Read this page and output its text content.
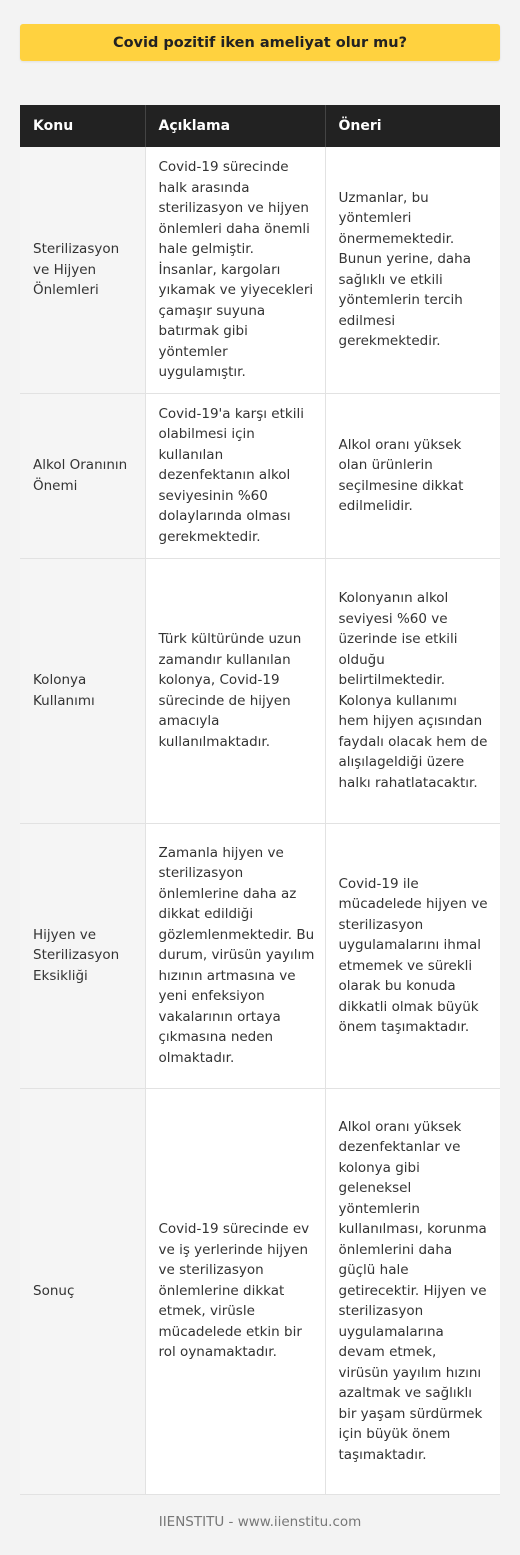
Covid pozitif iken ameliyat olur mu?
Konu	Açıklama	Öneri
Sterilizasyon ve Hijyen Önlemleri	Covid-19 sürecinde halk arasında sterilizasyon ve hijyen önlemleri daha önemli hale gelmiştir. İnsanlar, kargoları yıkamak ve yiyecekleri çamaşır suyuna batırmak gibi yöntemler uygulamıştır.	Uzmanlar, bu yöntemleri önermemektedir. Bunun yerine, daha sağlıklı ve etkili yöntemlerin tercih edilmesi gerekmektedir.
Alkol Oranının Önemi	Covid-19'a karşı etkili olabilmesi için kullanılan dezenfektanın alkol seviyesinin %60 dolaylarında olması gerekmektedir.	Alkol oranı yüksek olan ürünlerin seçilmesine dikkat edilmelidir.
Kolonya Kullanımı	Türk kültüründe uzun zamandır kullanılan kolonya, Covid-19 sürecinde de hijyen amacıyla kullanılmaktadır.	Kolonyanın alkol seviyesi %60 ve üzerinde ise etkili olduğu belirtilmektedir. Kolonya kullanımı hem hijyen açısından faydalı olacak hem de alışılageldiği üzere halkı rahatlatacaktır.
Hijyen ve Sterilizasyon Eksikliği	Zamanla hijyen ve sterilizasyon önlemlerine daha az dikkat edildiği gözlemlenmektedir. Bu durum, virüsün yayılım hızının artmasına ve yeni enfeksiyon vakalarının ortaya çıkmasına neden olmaktadır.	Covid-19 ile mücadelede hijyen ve sterilizasyon uygulamalarını ihmal etmemek ve sürekli olarak bu konuda dikkatli olmak büyük önem taşımaktadır.
Sonuç	Covid-19 sürecinde ev ve iş yerlerinde hijyen ve sterilizasyon önlemlerine dikkat etmek, virüsle mücadelede etkin bir rol oynamaktadır.	Alkol oranı yüksek dezenfektanlar ve kolonya gibi geleneksel yöntemlerin kullanılması, korunma önlemlerini daha güçlü hale getirecektir. Hijyen ve sterilizasyon uygulamalarına devam etmek, virüsün yayılım hızını azaltmak ve sağlıklı bir yaşam sürdürmek için büyük önem taşımaktadır.
IIENSTITU - www.iienstitu.com
